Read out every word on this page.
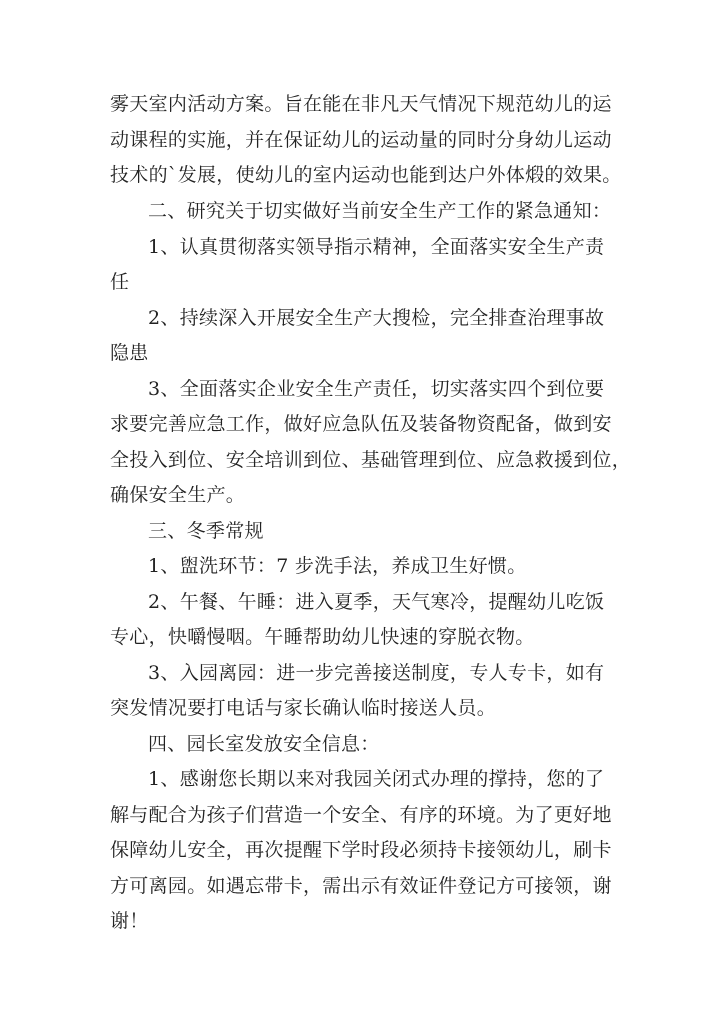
雾天室内活动方案。旨在能在非凡天气情况下规范幼儿的运
动课程的实施，并在保证幼儿的运动量的同时分身幼儿运动
技术的`发展，使幼儿的室内运动也能到达户外体煅的效果。
二、研究关于切实做好当前安全生产工作的紧急通知：
1、认真贯彻落实领导指示精神，全面落实安全生产责
任
2、持续深入开展安全生产大搜检，完全排查治理事故
隐患
3、全面落实企业安全生产责任，切实落实四个到位要
求要完善应急工作，做好应急队伍及装备物资配备，做到安
全投入到位、安全培训到位、基础管理到位、应急救援到位，
确保安全生产。
三、冬季常规
1、盥洗环节：7 步洗手法，养成卫生好惯。
2、午餐、午睡：进入夏季，天气寒冷，提醒幼儿吃饭
专心，快嚼慢咽。午睡帮助幼儿快速的穿脱衣物。
3、入园离园：进一步完善接送制度，专人专卡，如有
突发情况要打电话与家长确认临时接送人员。
四、园长室发放安全信息：
1、感谢您长期以来对我园关闭式办理的撑持，您的了
解与配合为孩子们营造一个安全、有序的环境。为了更好地
保障幼儿安全，再次提醒下学时段必须持卡接领幼儿，刷卡
方可离园。如遇忘带卡，需出示有效证件登记方可接领，谢
谢！
